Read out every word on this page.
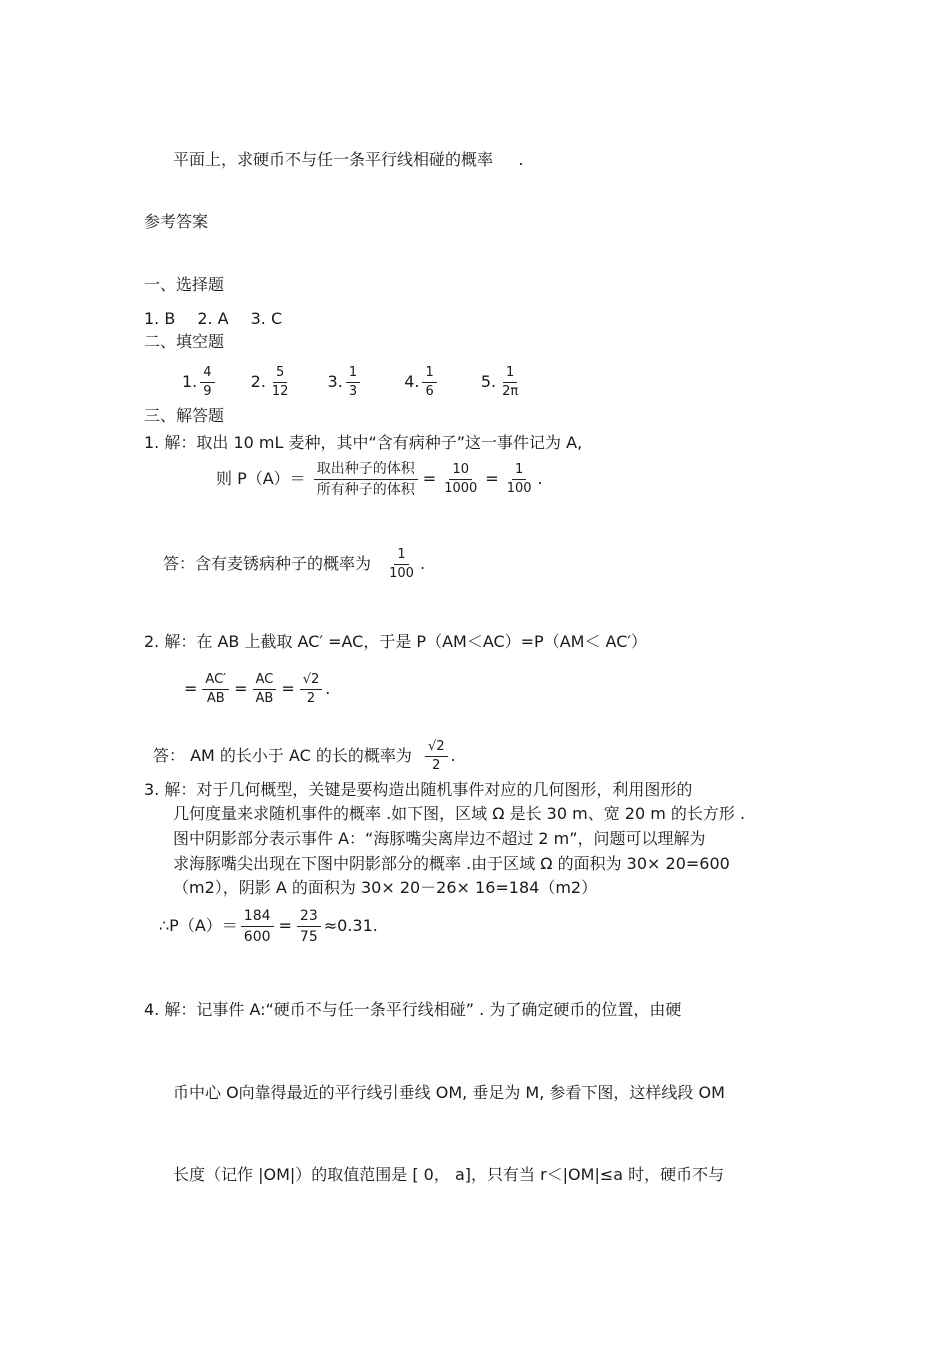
平面上，求硬币不与任一条平行线相碰的概率     .
参考答案
一、选择题
1. B 2. A 3. C
二、填空题
1. $\frac{4}{9} 2$. $\frac{5}{12} 3$. $\frac{1}{3}$	4. $\frac{1}{6}$	5. $\frac{1}{2\pi}$
三、解答题
1. 解：取出 10 mL 麦种，其中“含有病种子”这一事件记为 A,
则 $P(A)= \frac{\text{取出种子的体积}}{\text{所有种子的体积}} = \frac{10}{1000} = \frac{1}{100}$ .
答：含有麦锈病种子的概率为 $\frac{1}{100}$ .
2. 解：在 AB 上截取 AC′ =AC，于是 P（AM＜AC）=P（AM＜ AC′）
= $\frac{AC'}{AB} = \frac{AC}{AB} = \frac{√2}{2}$ .
答： AM 的长小于 AC 的长的概率为 $\frac{√2}{2}$ .
3. 解：对于几何概型，关键是要构造出随机事件对应的几何图形，利用图形的
几何度量来求随机事件的概率 .如下图，区域 Ω 是长 30 m、宽 20 m 的长方形 .
图中阴影部分表示事件 A：“海豚嘴尖离岸边不超过 2 m”，问题可以理解为
求海豚嘴尖出现在下图中阴影部分的概率 .由于区域 Ω 的面积为 30× 20=600
（m2），阴影 A 的面积为 30× 20－26× 16=184（m2）
∴P（A）＝ $\frac{184}{600} = \frac{23}{75} \approx 0.31$.
4. 解：记事件 A:“硬币不与任一条平行线相碰” . 为了确定硬币的位置，由硬
币中心 O向靠得最近的平行线引垂线 OM, 垂足为 M, 参看下图，这样线段 OM
长度（记作 |OM|）的取值范围是 [ 0， a]，只有当 r＜|OM|≤a 时，硬币不与
